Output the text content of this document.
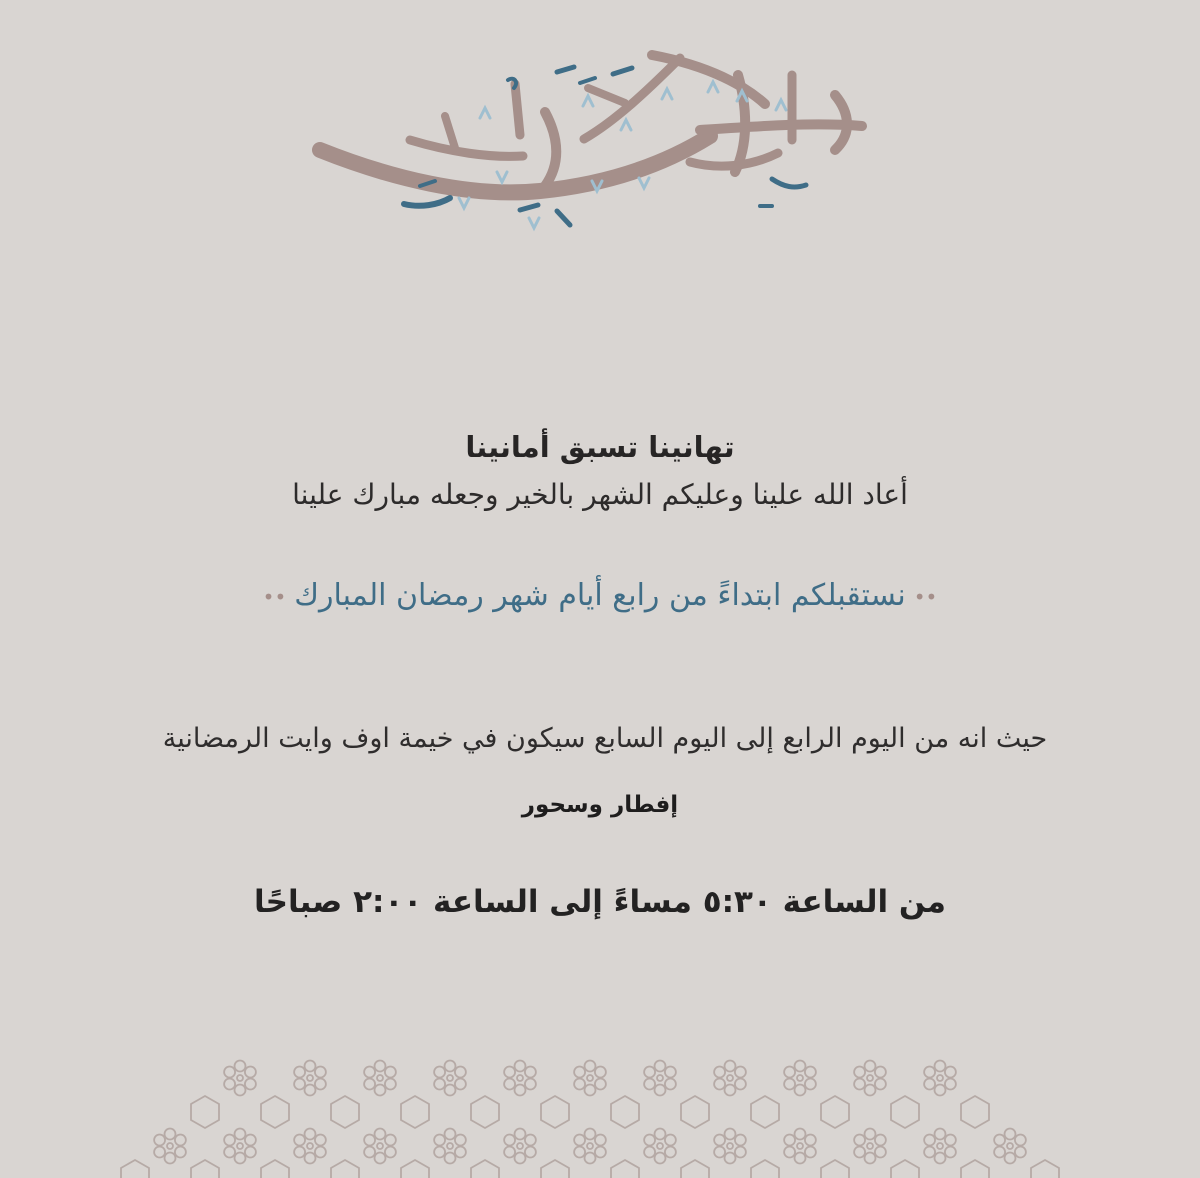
تهانينا تسبق أمانينا
أعاد الله علينا وعليكم الشهر بالخير وجعله مبارك علينا
••نستقبلكم ابتداءً من رابع أيام شهر رمضان المبارك••
حيث انه من اليوم الرابع إلى اليوم السابع سيكون في خيمة اوف وايت الرمضانية
إفطار وسحور
من الساعة ٥:٣٠ مساءً إلى الساعة ٢:٠٠ صباحًا
